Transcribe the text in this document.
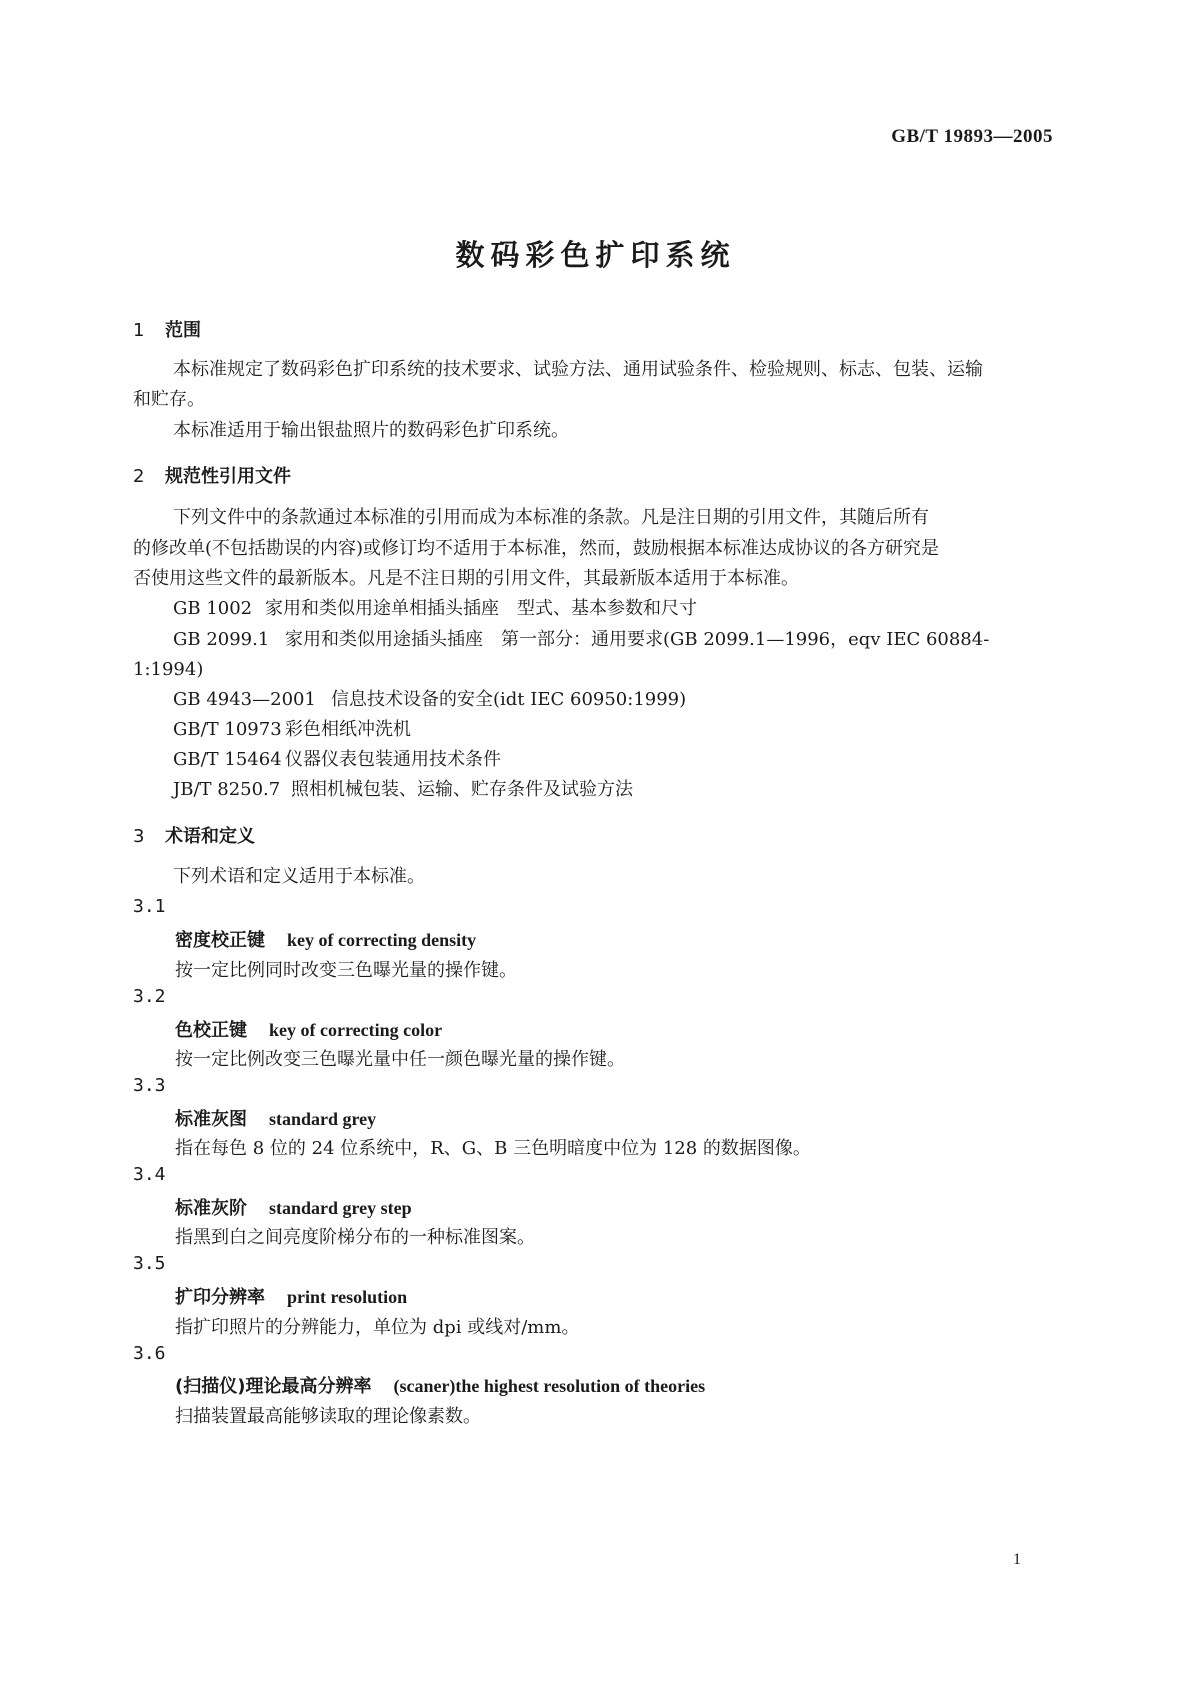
GB/T 19893—2005
数码彩色扩印系统
1 范围
本标准规定了数码彩色扩印系统的技术要求、试验方法、通用试验条件、检验规则、标志、包装、运输
和贮存。
本标准适用于输出银盐照片的数码彩色扩印系统。
2 规范性引用文件
下列文件中的条款通过本标准的引用而成为本标准的条款。凡是注日期的引用文件，其随后所有
的修改单(不包括勘误的内容)或修订均不适用于本标准，然而，鼓励根据本标准达成协议的各方研究是
否使用这些文件的最新版本。凡是不注日期的引用文件，其最新版本适用于本标准。
GB 1002 家用和类似用途单相插头插座　型式、基本参数和尺寸
GB 2099.1 家用和类似用途插头插座　第一部分：通用要求(GB 2099.1—1996，eqv IEC 60884-
1:1994)
GB 4943—2001 信息技术设备的安全(idt IEC 60950:1999)
GB/T 10973 彩色相纸冲洗机
GB/T 15464 仪器仪表包装通用技术条件
JB/T 8250.7 照相机械包装、运输、贮存条件及试验方法
3 术语和定义
下列术语和定义适用于本标准。
3.1
密度校正键 key of correcting density
按一定比例同时改变三色曝光量的操作键。
3.2
色校正键 key of correcting color
按一定比例改变三色曝光量中任一颜色曝光量的操作键。
3.3
标准灰图 standard grey
指在每色 8 位的 24 位系统中，R、G、B 三色明暗度中位为 128 的数据图像。
3.4
标准灰阶 standard grey step
指黑到白之间亮度阶梯分布的一种标准图案。
3.5
扩印分辨率 print resolution
指扩印照片的分辨能力，单位为 dpi 或线对/mm。
3.6
(扫描仪)理论最高分辨率 (scaner)the highest resolution of theories
扫描装置最高能够读取的理论像素数。
1
